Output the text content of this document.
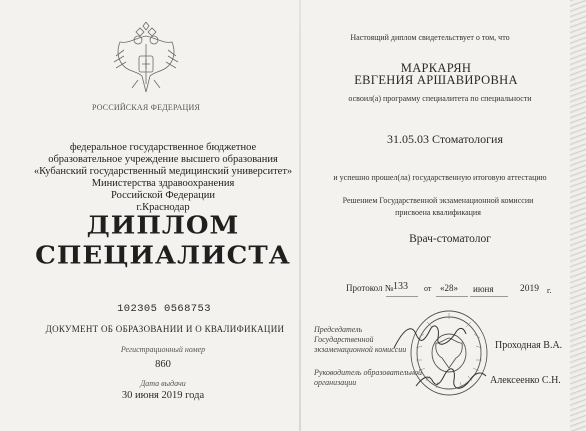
РОССИЙСКАЯ ФЕДЕРАЦИЯ
федеральное государственное бюджетное
образовательное учреждение высшего образования
«Кубанский государственный медицинский университет»
Министерства здравоохранения
Российской Федерации
г.Краснодар
ДИПЛОМ
СПЕЦИАЛИСТА
102305 0568753
ДОКУМЕНТ ОБ ОБРАЗОВАНИИ И О КВАЛИФИКАЦИИ
Регистрационный номер
860
Дата выдачи
30 июня 2019 года
Настоящий диплом свидетельствует о том, что
МАРКАРЯН
ЕВГЕНИЯ АРШАВИРОВНА
освоил(а) программу специалитета по специальности
31.05.03 Стоматология
и успешно прошел(ла) государственную итоговую аттестацию
Решением Государственной экзаменационной комиссии
присвоена квалификация
Врач-стоматолог
Протокол № 133 от «28» июня	2019 г.
Председатель
Государственной
экзаменационной комиссии	Проходная В.А.
Руководитель образовательной
организации	Алексеенко С.Н.
